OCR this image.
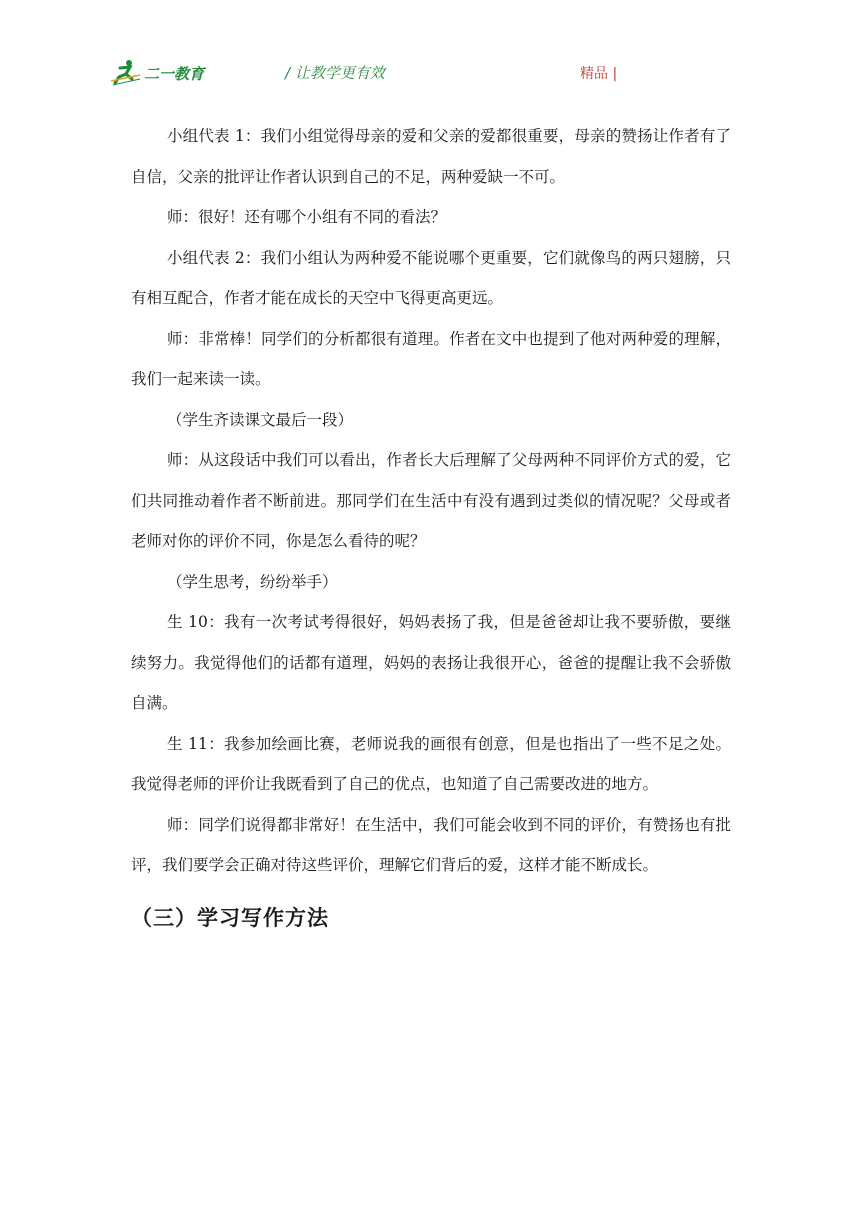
二一教育	/ 让教学更有效	精品 |

小组代表 1：我们小组觉得母亲的爱和父亲的爱都很重要，母亲的赞扬让作者有了自信，父亲的批评让作者认识到自己的不足，两种爱缺一不可。

师：很好！还有哪个小组有不同的看法？

小组代表 2：我们小组认为两种爱不能说哪个更重要，它们就像鸟的两只翅膀，只有相互配合，作者才能在成长的天空中飞得更高更远。

师：非常棒！同学们的分析都很有道理。作者在文中也提到了他对两种爱的理解，我们一起来读一读。

（学生齐读课文最后一段）

师：从这段话中我们可以看出，作者长大后理解了父母两种不同评价方式的爱，它们共同推动着作者不断前进。那同学们在生活中有没有遇到过类似的情况呢？父母或者老师对你的评价不同，你是怎么看待的呢？

（学生思考，纷纷举手）

生 10：我有一次考试考得很好，妈妈表扬了我，但是爸爸却让我不要骄傲，要继续努力。我觉得他们的话都有道理，妈妈的表扬让我很开心，爸爸的提醒让我不会骄傲自满。

生 11：我参加绘画比赛，老师说我的画很有创意，但是也指出了一些不足之处。我觉得老师的评价让我既看到了自己的优点，也知道了自己需要改进的地方。

师：同学们说得都非常好！在生活中，我们可能会收到不同的评价，有赞扬也有批评，我们要学会正确对待这些评价，理解它们背后的爱，这样才能不断成长。

（三）学习写作方法
